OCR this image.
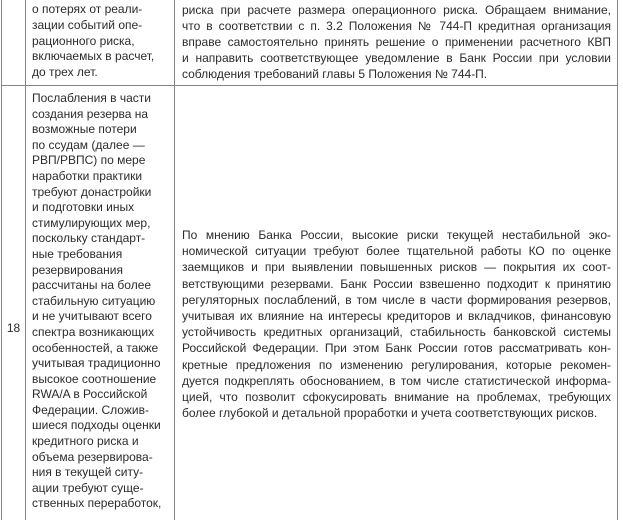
о потерях от реали-
зации событий опе-
рационного риска,
включаемых в расчет,
до трех лет.
риска при расчете размера операционного риска. Обращаем внимание,
что в соответствии с п. 3.2 Положения № 744-П кредитная организация
вправе самостоятельно принять решение о применении расчетного КВП
и направить соответствующее уведомление в Банк России при условии
соблюдения требований главы 5 Положения № 744-П.
18
Послабления в части
создания резерва на
возможные потери
по ссудам (далее —
РВП/РВПС) по мере
наработки практики
требуют донастройки
и подготовки иных
стимулирующих мер,
поскольку стандарт-
ные требования
резервирования
рассчитаны на более
стабильную ситуацию
и не учитывают всего
спектра возникающих
особенностей, а также
учитывая традиционно
высокое соотношение
RWA/A в Российской
Федерации. Сложив-
шиеся подходы оценки
кредитного риска и
объема резервирова-
ния в текущей ситу-
ации требуют суще-
ственных переработок,
По мнению Банка России, высокие риски текущей нестабильной эко-
номической ситуации требуют более тщательной работы КО по оценке
заемщиков и при выявлении повышенных рисков — покрытия их соот-
ветствующими резервами. Банк России взвешенно подходит к принятию
регуляторных послаблений, в том числе в части формирования резервов,
учитывая их влияние на интересы кредиторов и вкладчиков, финансовую
устойчивость кредитных организаций, стабильность банковской системы
Российской Федерации. При этом Банк России готов рассматривать кон-
кретные предложения по изменению регулирования, которые рекомен-
дуется подкреплять обоснованием, в том числе статистической информа-
цией, что позволит сфокусировать внимание на проблемах, требующих
более глубокой и детальной проработки и учета соответствующих рисков.
